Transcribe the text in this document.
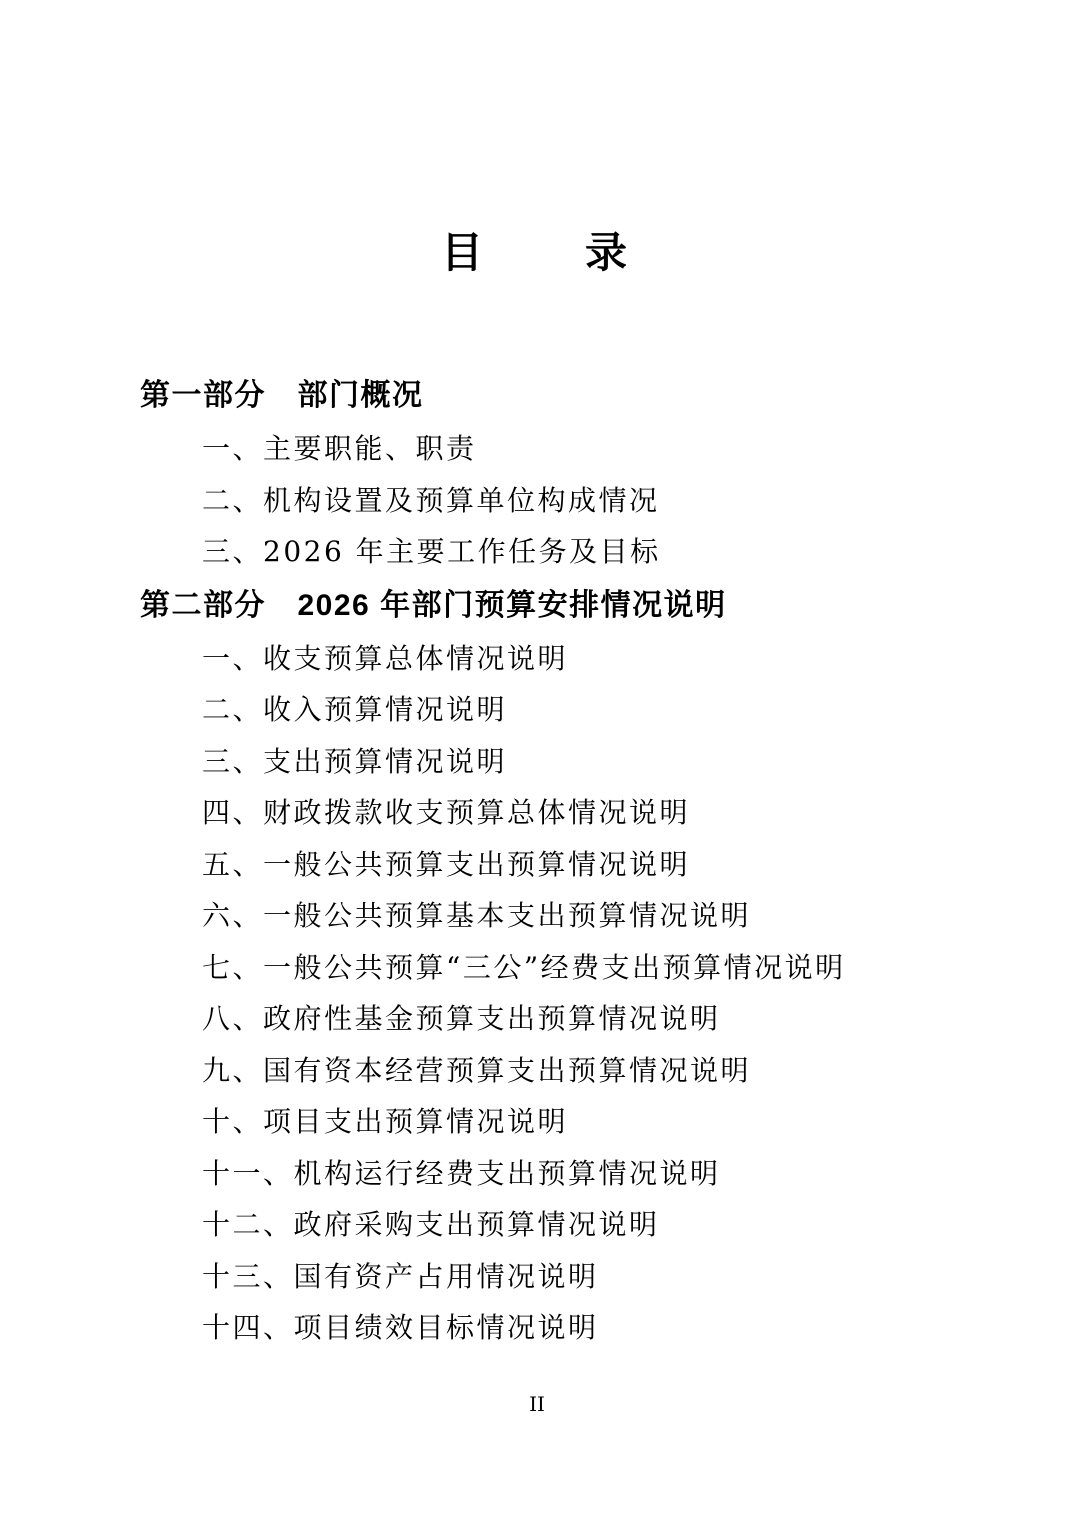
目　　录
第一部分　部门概况
一、主要职能、职责
二、机构设置及预算单位构成情况
三、2026 年主要工作任务及目标
第二部分　2026 年部门预算安排情况说明
一、收支预算总体情况说明
二、收入预算情况说明
三、支出预算情况说明
四、财政拨款收支预算总体情况说明
五、一般公共预算支出预算情况说明
六、一般公共预算基本支出预算情况说明
七、一般公共预算“三公”经费支出预算情况说明
八、政府性基金预算支出预算情况说明
九、国有资本经营预算支出预算情况说明
十、项目支出预算情况说明
十一、机构运行经费支出预算情况说明
十二、政府采购支出预算情况说明
十三、国有资产占用情况说明
十四、项目绩效目标情况说明
II
